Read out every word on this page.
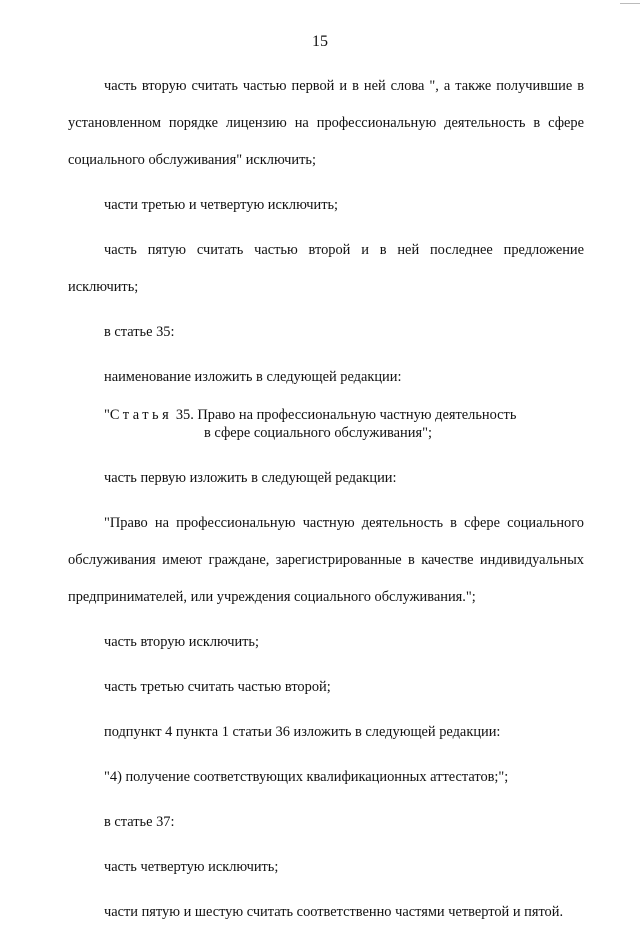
15

часть вторую считать частью первой и в ней слова ", а также получившие в установленном порядке лицензию на профессиональную деятельность в сфере социального обслуживания" исключить;

части третью и четвертую исключить;

часть пятую считать частью второй и в ней последнее предложение исключить;

в статье 35:

наименование изложить в следующей редакции:

"Статья 35. Право на профессиональную частную деятельность
в сфере социального обслуживания";

часть первую изложить в следующей редакции:

"Право на профессиональную частную деятельность в сфере социального обслуживания имеют граждане, зарегистрированные в качестве индивидуальных предпринимателей, или учреждения социального обслуживания.";

часть вторую исключить;

часть третью считать частью второй;

подпункт 4 пункта 1 статьи 36 изложить в следующей редакции:

"4) получение соответствующих квалификационных аттестатов;";

в статье 37:

часть четвертую исключить;

части пятую и шестую считать соответственно частями четвертой и пятой.
